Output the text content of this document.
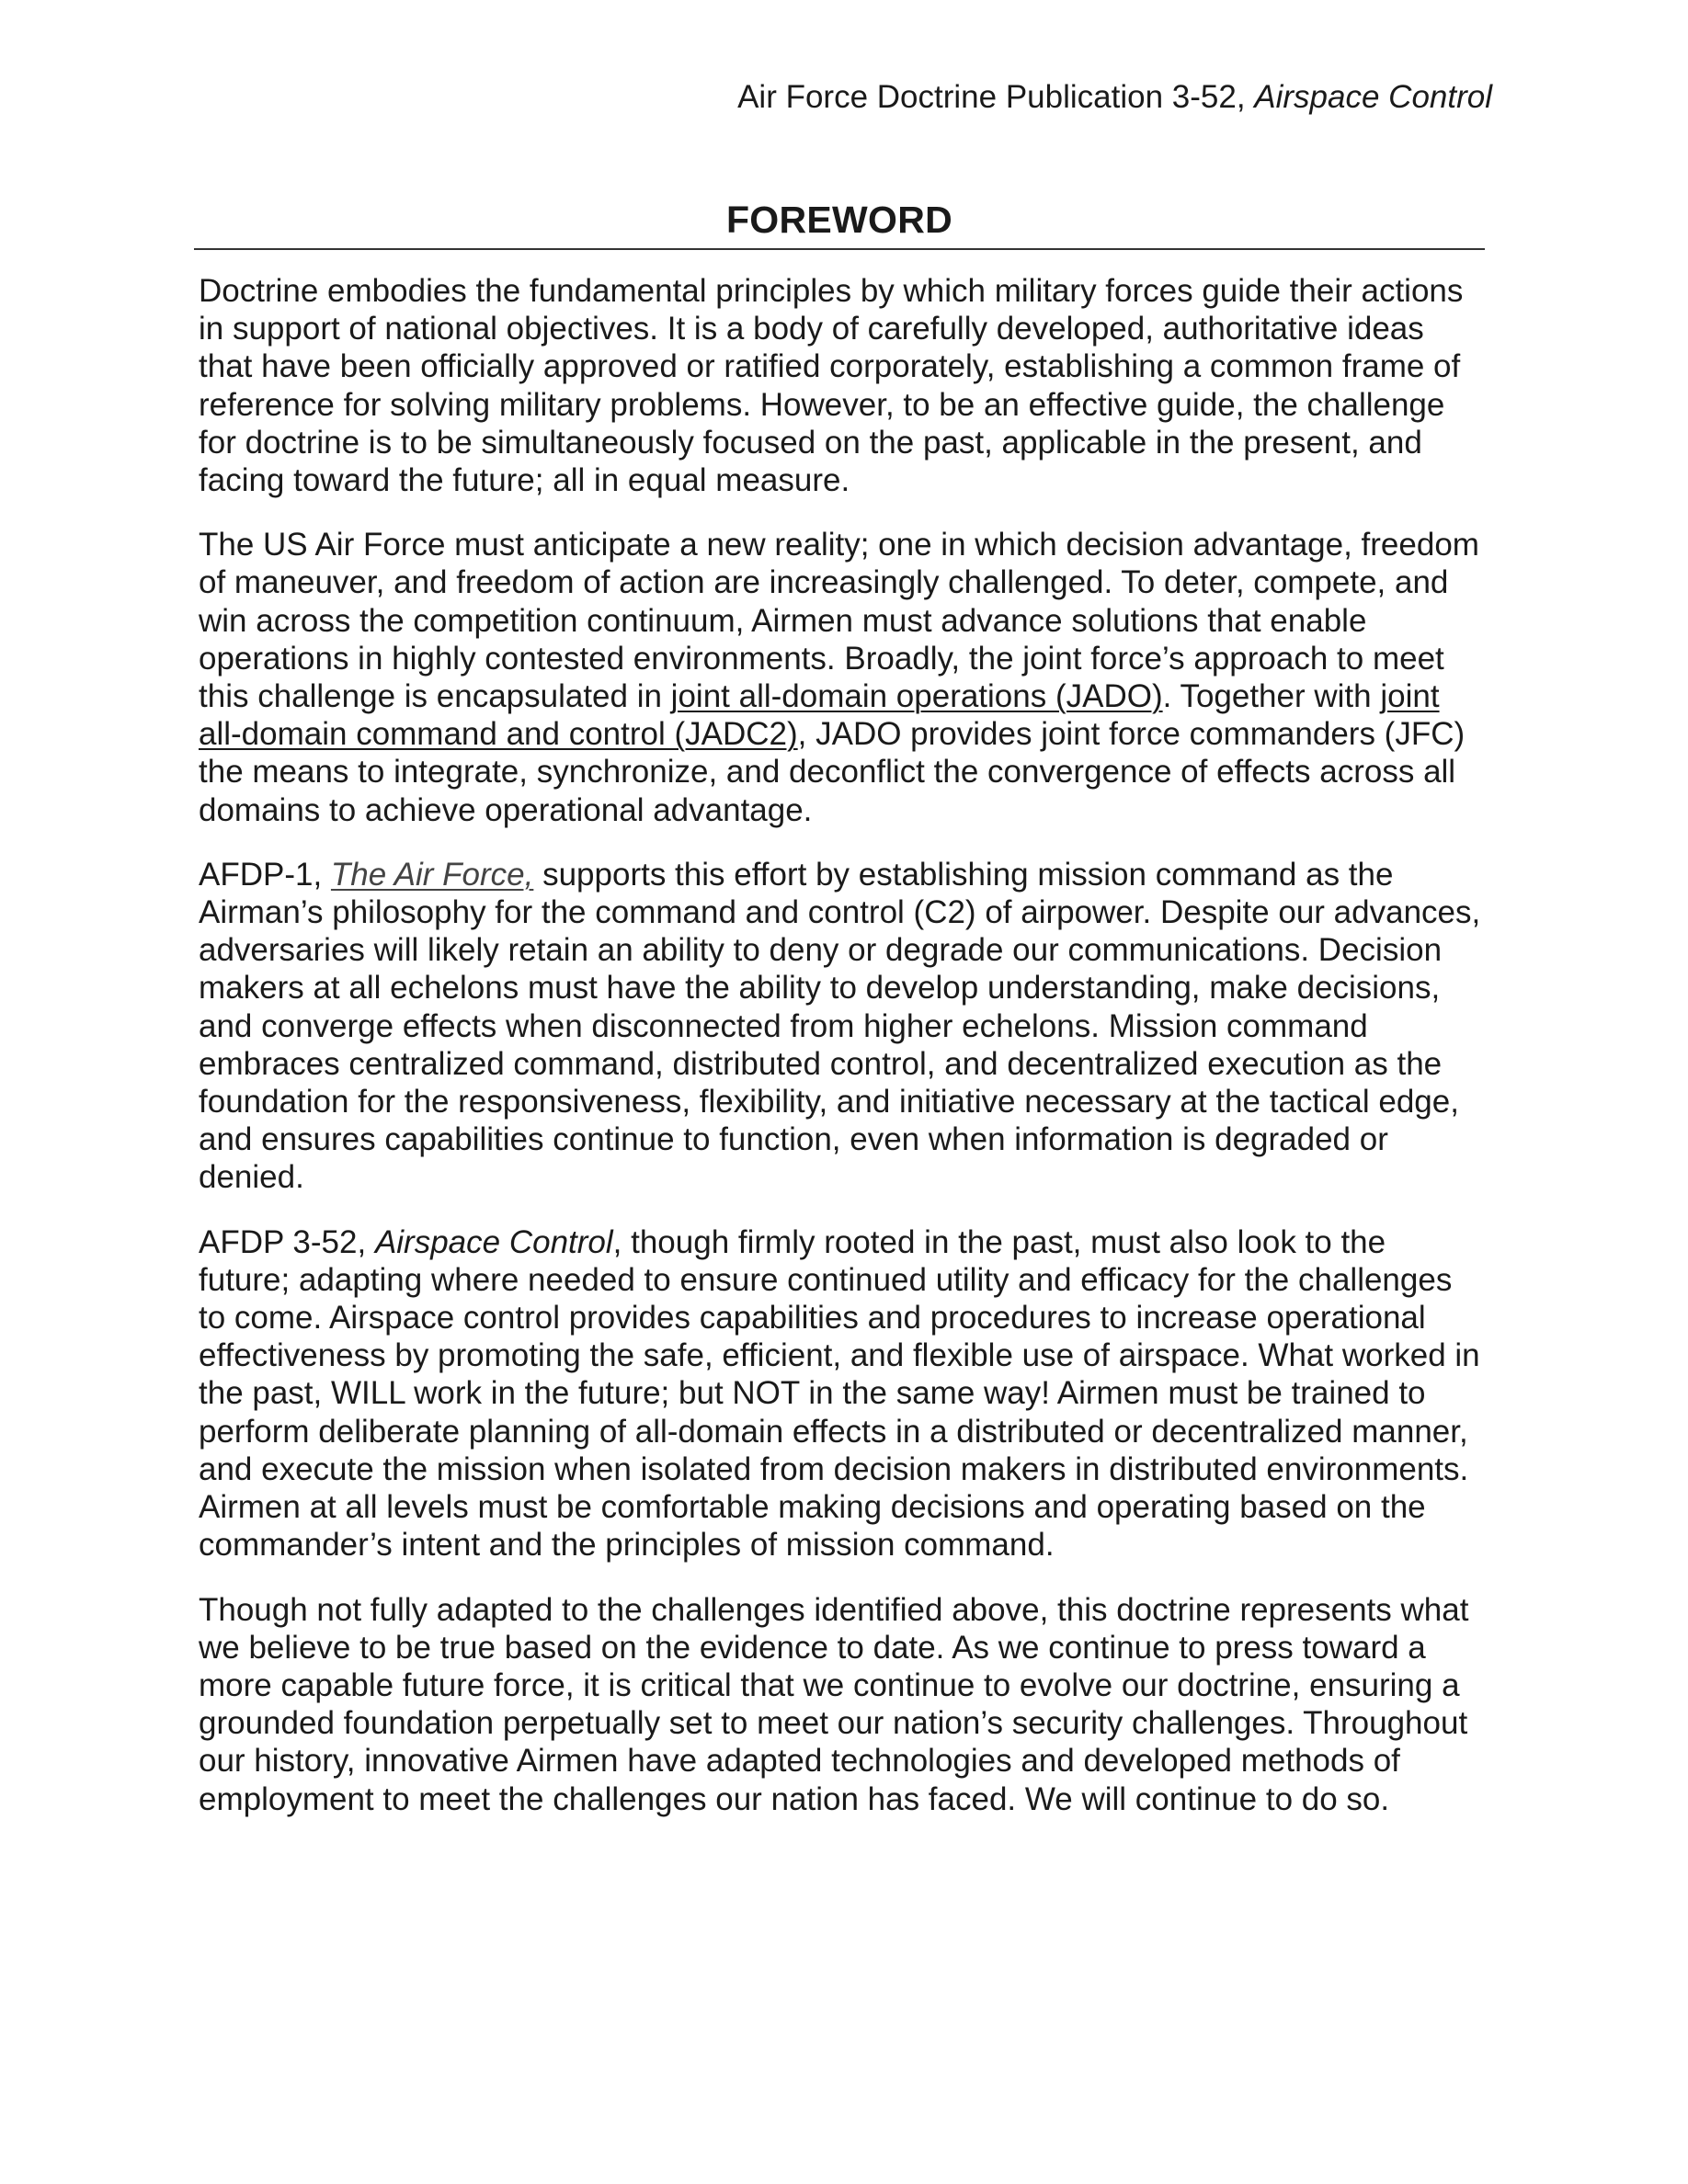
Air Force Doctrine Publication 3-52, Airspace Control
FOREWORD

Doctrine embodies the fundamental principles by which military forces guide their actions in support of national objectives. It is a body of carefully developed, authoritative ideas that have been officially approved or ratified corporately, establishing a common frame of reference for solving military problems. However, to be an effective guide, the challenge for doctrine is to be simultaneously focused on the past, applicable in the present, and facing toward the future; all in equal measure.

The US Air Force must anticipate a new reality; one in which decision advantage, freedom of maneuver, and freedom of action are increasingly challenged. To deter, compete, and win across the competition continuum, Airmen must advance solutions that enable operations in highly contested environments. Broadly, the joint force’s approach to meet this challenge is encapsulated in joint all-domain operations (JADO). Together with joint all-domain command and control (JADC2), JADO provides joint force commanders (JFC) the means to integrate, synchronize, and deconflict the convergence of effects across all domains to achieve operational advantage.

AFDP-1, The Air Force, supports this effort by establishing mission command as the Airman’s philosophy for the command and control (C2) of airpower. Despite our advances, adversaries will likely retain an ability to deny or degrade our communications. Decision makers at all echelons must have the ability to develop understanding, make decisions, and converge effects when disconnected from higher echelons. Mission command embraces centralized command, distributed control, and decentralized execution as the foundation for the responsiveness, flexibility, and initiative necessary at the tactical edge, and ensures capabilities continue to function, even when information is degraded or denied.

AFDP 3-52, Airspace Control, though firmly rooted in the past, must also look to the future; adapting where needed to ensure continued utility and efficacy for the challenges to come. Airspace control provides capabilities and procedures to increase operational effectiveness by promoting the safe, efficient, and flexible use of airspace. What worked in the past, WILL work in the future; but NOT in the same way! Airmen must be trained to perform deliberate planning of all-domain effects in a distributed or decentralized manner, and execute the mission when isolated from decision makers in distributed environments. Airmen at all levels must be comfortable making decisions and operating based on the commander’s intent and the principles of mission command.

Though not fully adapted to the challenges identified above, this doctrine represents what we believe to be true based on the evidence to date. As we continue to press toward a more capable future force, it is critical that we continue to evolve our doctrine, ensuring a grounded foundation perpetually set to meet our nation’s security challenges. Throughout our history, innovative Airmen have adapted technologies and developed methods of employment to meet the challenges our nation has faced. We will continue to do so.
